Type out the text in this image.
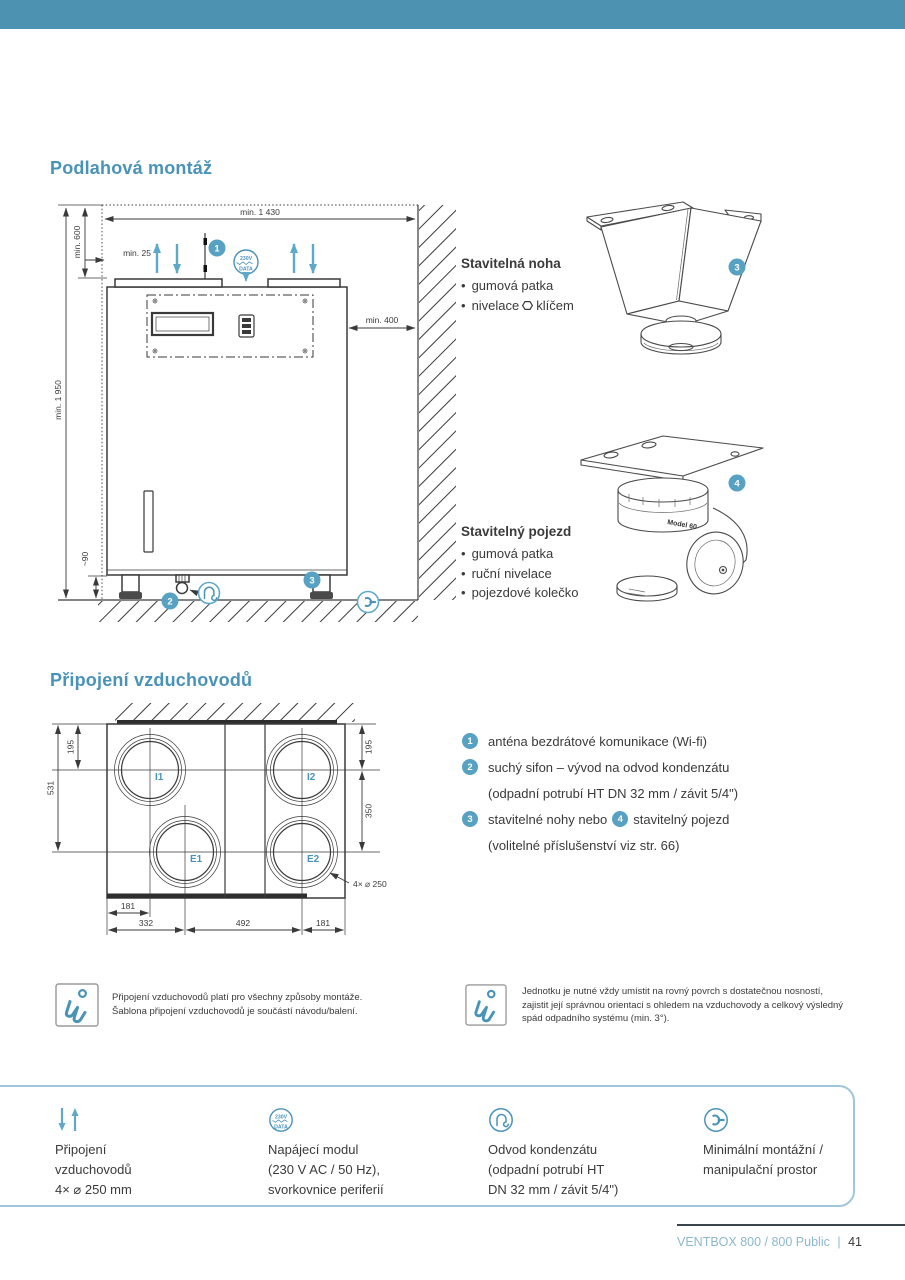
Podlahová montáž
min. 1 950
min. 600
min. 1 430
min. 25
min. 400
~90
1
230V
DATA
2
3
3
Stavitelná noha
• gumová patka
• nivelace klíčem
Model 60
4
Stavitelný pojezd
• gumová patka
• ruční nivelace
• pojezdové kolečko
Připojení vzduchovodů
I1	I2
E1	E2
195
531
195
350
181
332	492	181
4× ⌀ 250
1	anténa bezdrátové komunikace (Wi-fi)
2	suchý sifon – vývod na odvod kondenzátu
(odpadní potrubí HT DN 32 mm / závit 5/4")
3	stavitelné nohy nebo	4 stavitelný pojezd
(volitelné příslušenství viz str. 66)
Připojení vzduchovodů platí pro všechny způsoby montáže.
Šablona připojení vzduchovodů je součástí návodu/balení.
Jednotku je nutné vždy umístit na rovný povrch s dostatečnou nosností,
zajistit její správnou orientaci s ohledem na vzduchovody a celkový výsledný
spád odpadního systému (min. 3°).
Připojení
vzduchovodů
4× ⌀ 250 mm
230V
DATA
Napájecí modul
(230 V AC / 50 Hz),
svorkovnice periferií
Odvod kondenzátu
(odpadní potrubí HT
DN 32 mm / závit 5/4")
Minimální montážní /
manipulační prostor
VENTBOX 800 / 800 Public | 41
